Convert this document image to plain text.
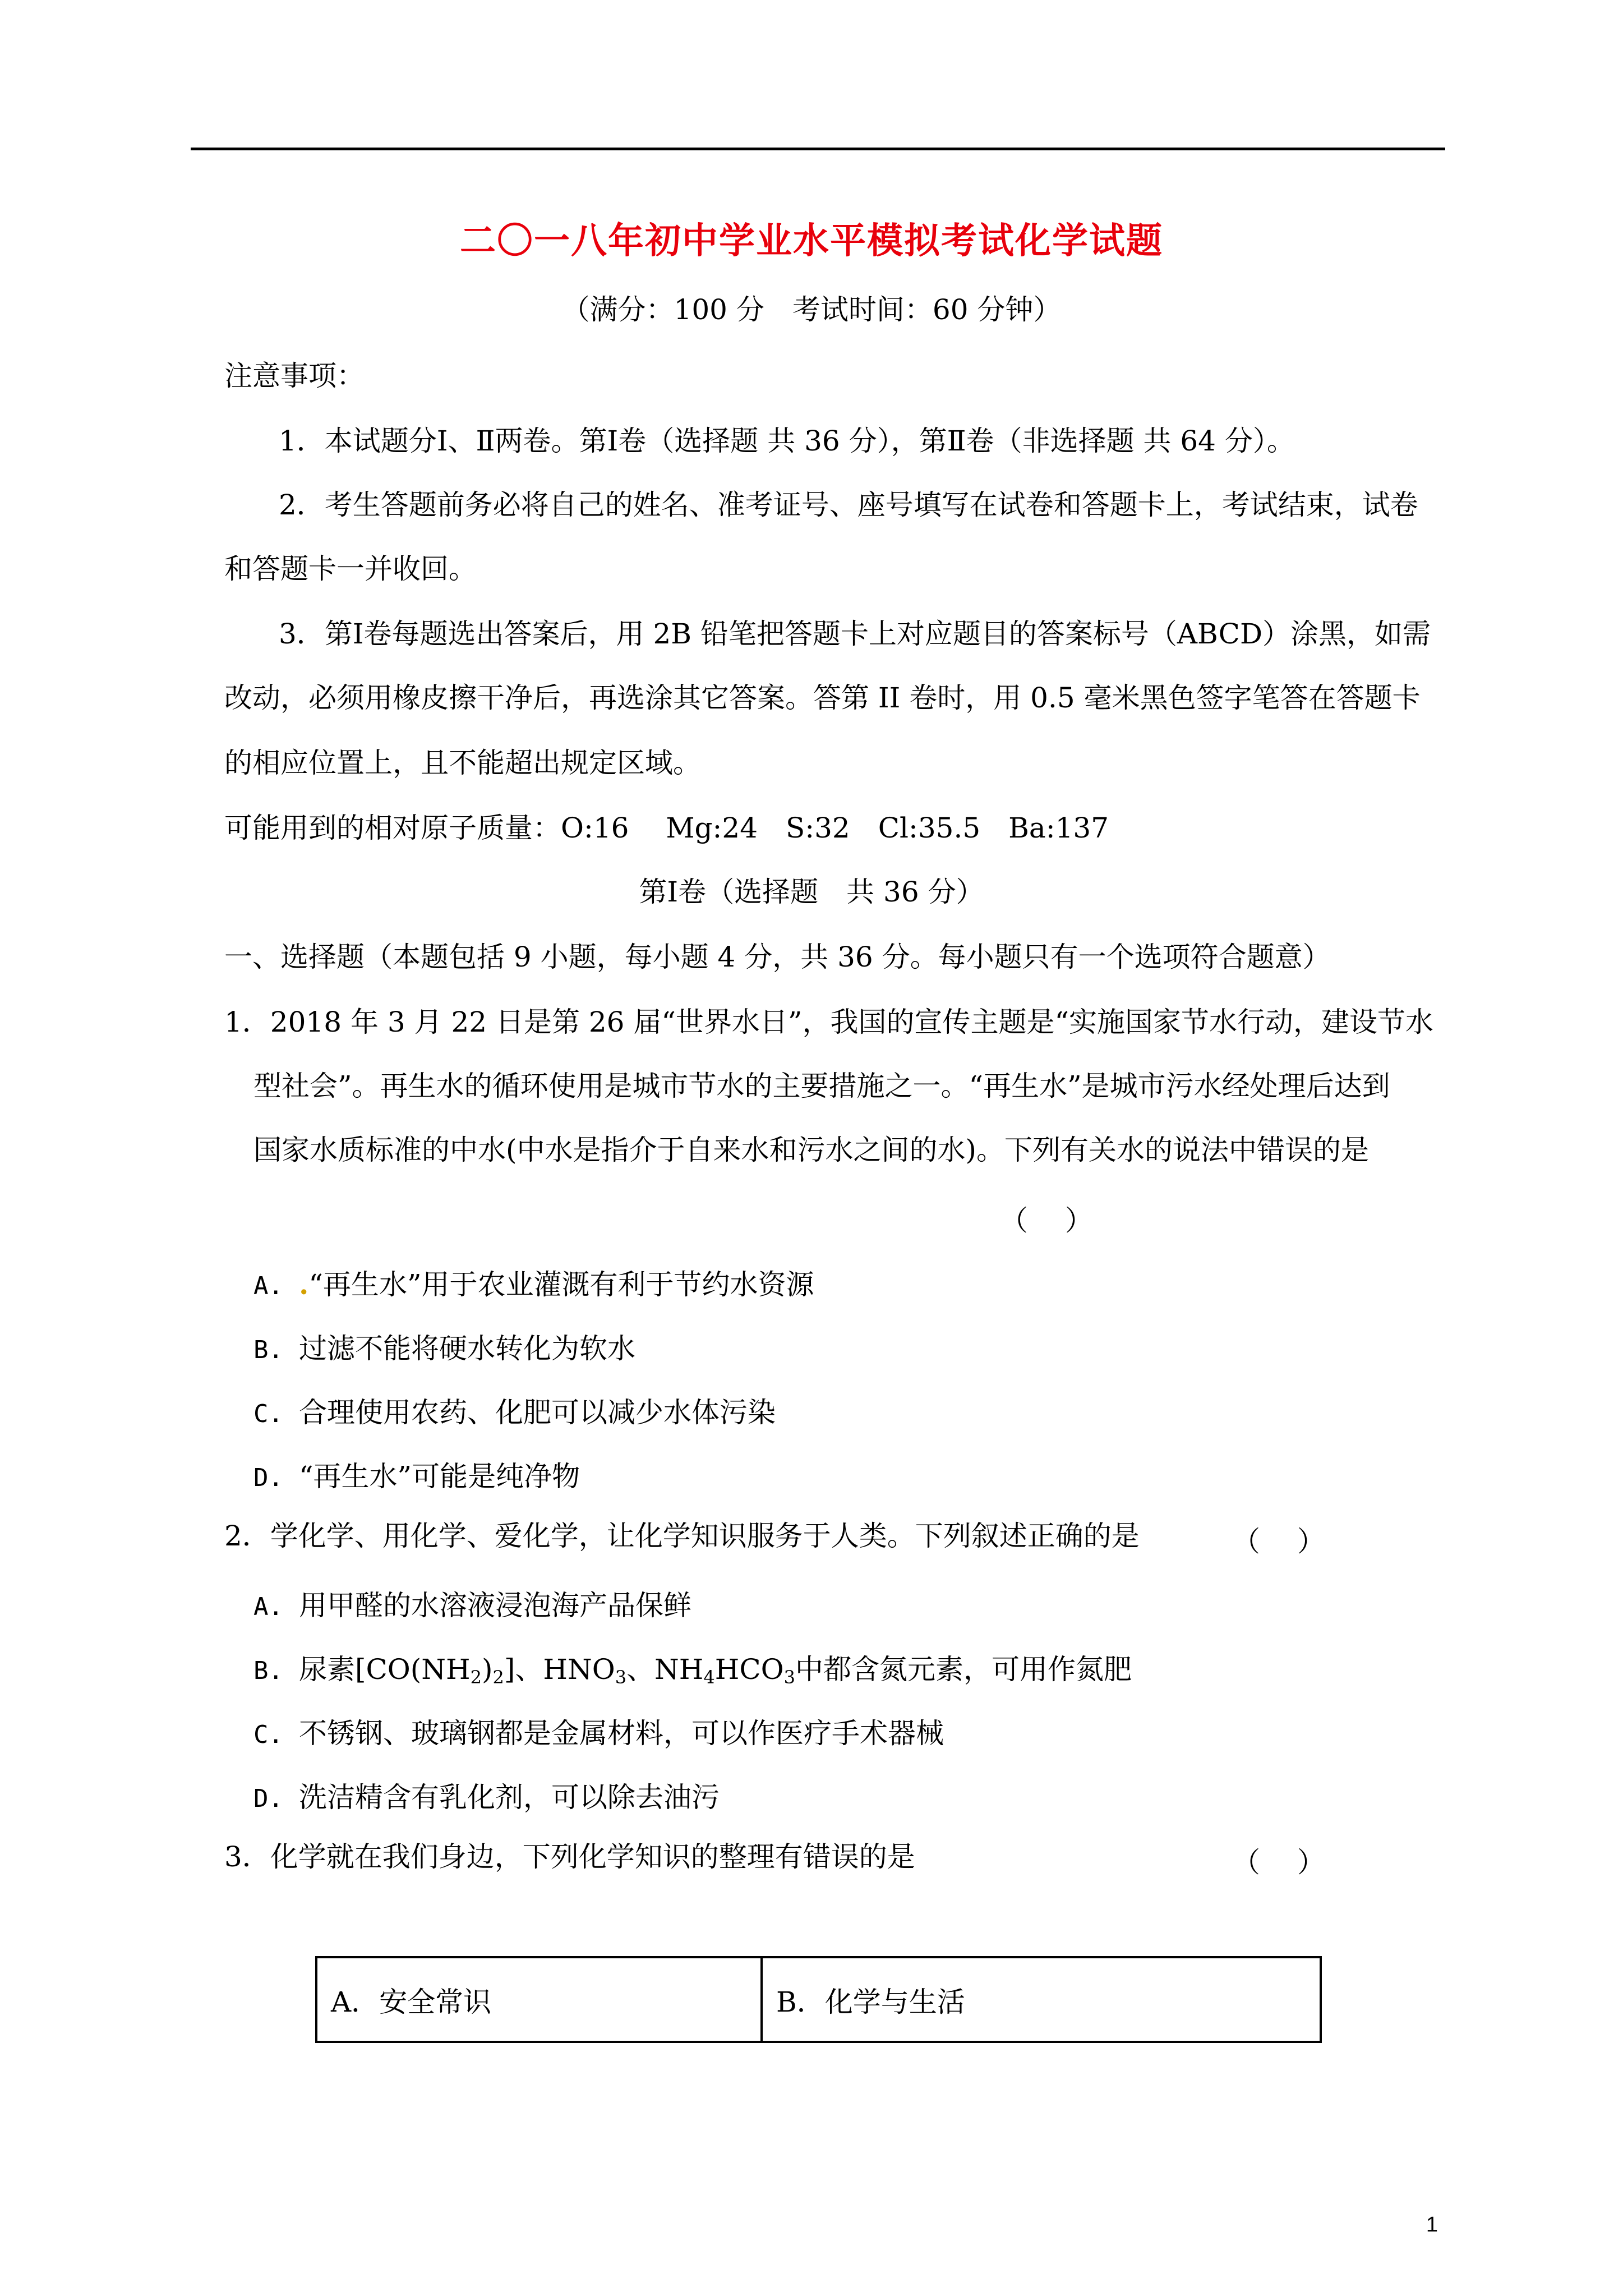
二〇一八年初中学业水平模拟考试化学试题
（满分：100 分　考试时间：60 分钟）
注意事项：
1．本试题分Ⅰ、Ⅱ两卷。第Ⅰ卷（选择题 共 36 分），第Ⅱ卷（非选择题 共 64 分）。
2．考生答题前务必将自己的姓名、准考证号、座号填写在试卷和答题卡上，考试结束，试卷
和答题卡一并收回。
3．第Ⅰ卷每题选出答案后，用 2B 铅笔把答题卡上对应题目的答案标号（ABCD）涂黑，如需
改动，必须用橡皮擦干净后，再选涂其它答案。答第 II 卷时，用 0.5 毫米黑色签字笔答在答题卡
的相应位置上，且不能超出规定区域。
可能用到的相对原子质量：O:16　 Mg:24　S:32　Cl:35.5　Ba:137
第Ⅰ卷（选择题　共 36 分）
一、选择题（本题包括 9 小题，每小题 4 分，共 36 分。每小题只有一个选项符合题意）
1．2018 年 3 月 22 日是第 26 届“世界水日”，我国的宣传主题是“实施国家节水行动，建设节水
型社会”。再生水的循环使用是城市节水的主要措施之一。“再生水”是城市污水经处理后达到
国家水质标准的中水(中水是指介于自来水和污水之间的水)。下列有关水的说法中错误的是
（　 ）
A. .“再生水”用于农业灌溉有利于节约水资源
B. 过滤不能将硬水转化为软水
C. 合理使用农药、化肥可以减少水体污染
D. “再生水”可能是纯净物
2．学化学、用化学、爱化学，让化学知识服务于人类。下列叙述正确的是	（　 ）
A. 用甲醛的水溶液浸泡海产品保鲜
B. 尿素$[CO(NH_2)_2]$、$HNO_3$、$NH_4HCO_3$中都含氮元素，可用作氮肥
C. 不锈钢、玻璃钢都是金属材料，可以作医疗手术器械
D. 洗洁精含有乳化剂，可以除去油污
3．化学就在我们身边，下列化学知识的整理有错误的是	（　 ）
A．安全常识	B．化学与生活
1
